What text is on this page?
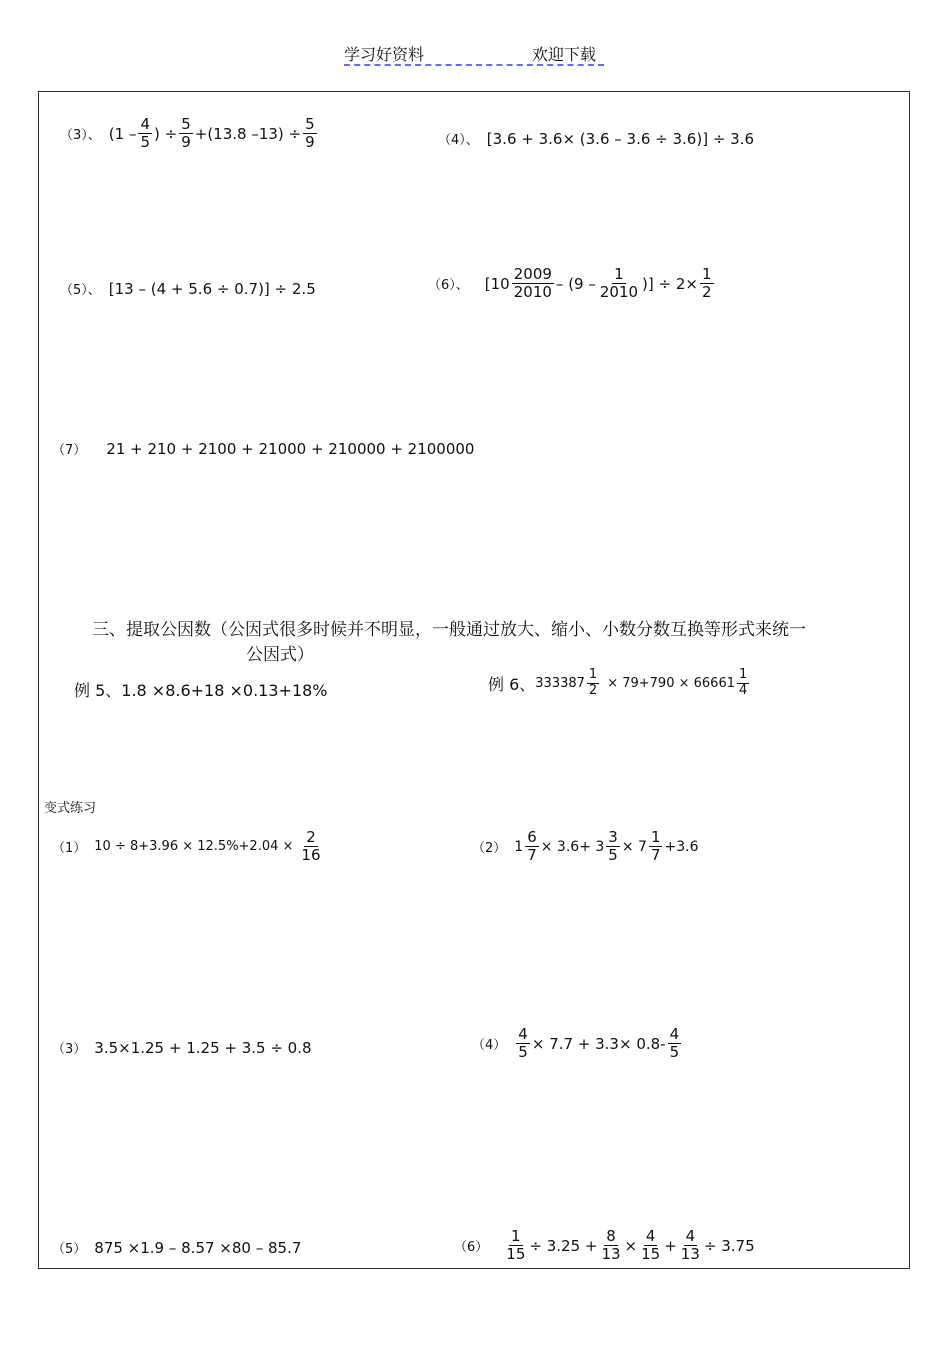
学习好资料	欢迎下载
（3）、 ($1 - \frac{4}{5}$ ) ÷ $\frac{5}{9} +(13.8$ $-13) \div \frac{5}{9}$	（4）、 [3.6 + 3.6× (3.6 – 3.6 ÷ 3.6)] ÷ 3.6
（5）、 [13 – (4 + 5.6 ÷ 0.7)] ÷ 2.5	（6）、 [$10 \frac{2009}{2010} - (9 - \frac{1}{2010}$ )] ÷ $2\times \frac{1}{2}$
（7） 21 + 210 + 2100 + 21000 + 210000 + 2100000
三、提取公因数（公因式很多时候并不明显，一般通过放大、缩小、小数分数互换等形式来统一
公因式）
例 5、1.8 ×8.6+18 ×0.13+18%	例 6、 $333387 \frac{1}{2} \times 79+790 \times 66661 \frac{1}{4}$
变式练习
（1） $10 \div 8+3.96 \times 12.5\%+2.04 \times \frac{2}{16}$	（2） $1 \frac{6}{7} \times 3.6+ 3 \frac{3}{5} \times 7 \frac{1}{7} +3.6$
（3） 3.5×1.25 + 1.25 + 3.5 ÷ 0.8	$(4) \frac{4}{5} \times 7.7 + 3.3\times 0.8- \frac{4}{5}$
（5） 875 ×1.9 – 8.57 ×80 – 85.7	$(6) \frac{1}{15} \div 3.25 + \frac{8}{13} \times \frac{4}{15} + \frac{4}{13} \div 3.75$
